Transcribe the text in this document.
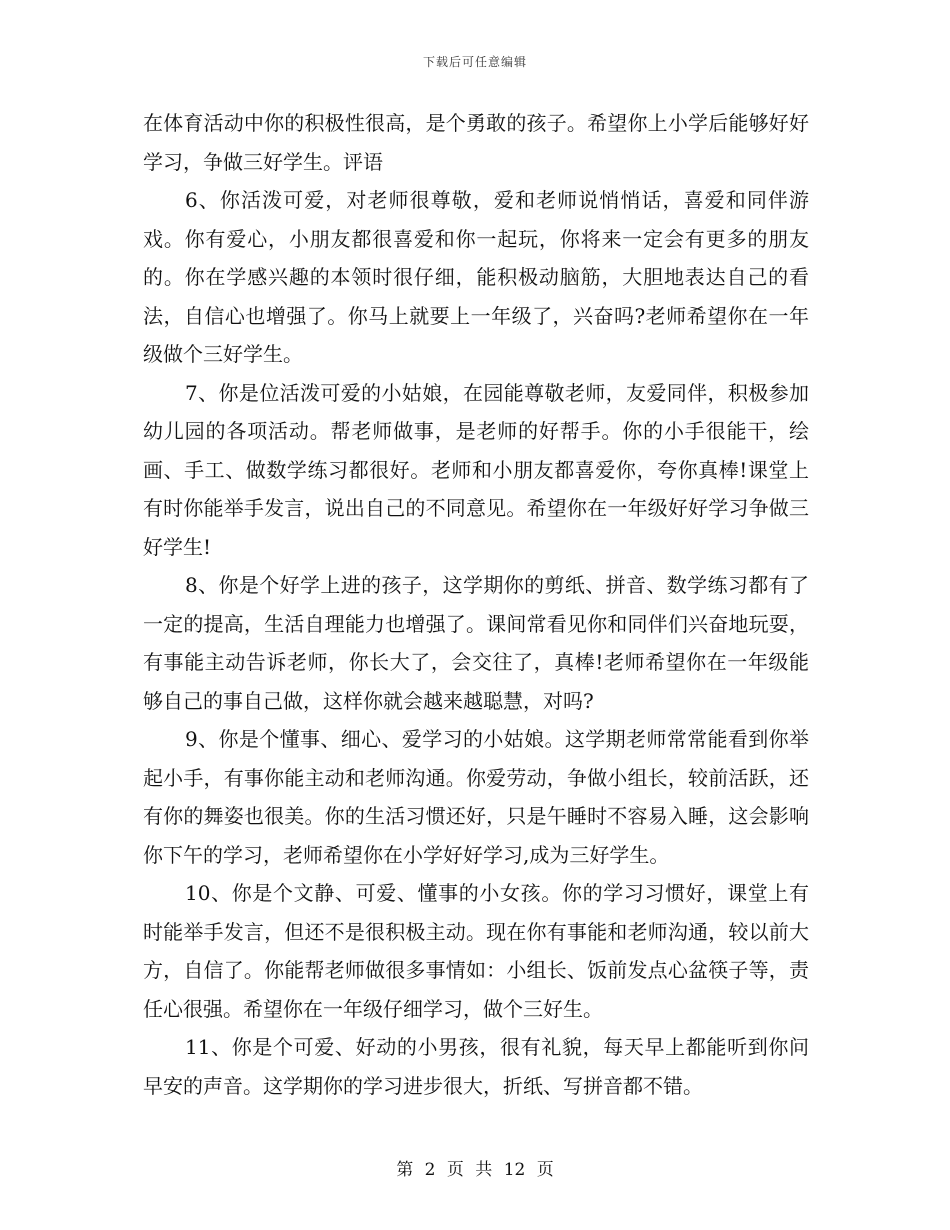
下载后可任意编辑

在体育活动中你的积极性很高，是个勇敢的孩子。希望你上小学后能够好好学习，争做三好学生。评语

6、你活泼可爱，对老师很尊敬，爱和老师说悄悄话，喜爱和同伴游戏。你有爱心，小朋友都很喜爱和你一起玩，你将来一定会有更多的朋友的。你在学感兴趣的本领时很仔细，能积极动脑筋，大胆地表达自己的看法，自信心也增强了。你马上就要上一年级了，兴奋吗?老师希望你在一年级做个三好学生。

7、你是位活泼可爱的小姑娘，在园能尊敬老师，友爱同伴，积极参加幼儿园的各项活动。帮老师做事，是老师的好帮手。你的小手很能干，绘画、手工、做数学练习都很好。老师和小朋友都喜爱你，夸你真棒!课堂上有时你能举手发言，说出自己的不同意见。希望你在一年级好好学习争做三好学生!

8、你是个好学上进的孩子，这学期你的剪纸、拼音、数学练习都有了一定的提高，生活自理能力也增强了。课间常看见你和同伴们兴奋地玩耍，有事能主动告诉老师，你长大了，会交往了，真棒!老师希望你在一年级能够自己的事自己做，这样你就会越来越聪慧，对吗?

9、你是个懂事、细心、爱学习的小姑娘。这学期老师常常能看到你举起小手，有事你能主动和老师沟通。你爱劳动，争做小组长，较前活跃，还有你的舞姿也很美。你的生活习惯还好，只是午睡时不容易入睡，这会影响你下午的学习，老师希望你在小学好好学习,成为三好学生。

10、你是个文静、可爱、懂事的小女孩。你的学习习惯好，课堂上有时能举手发言，但还不是很积极主动。现在你有事能和老师沟通，较以前大方，自信了。你能帮老师做很多事情如：小组长、饭前发点心盆筷子等，责任心很强。希望你在一年级仔细学习，做个三好生。

11、你是个可爱、好动的小男孩，很有礼貌，每天早上都能听到你问早安的声音。这学期你的学习进步很大，折纸、写拼音都不错。

第 2 页 共 12 页
